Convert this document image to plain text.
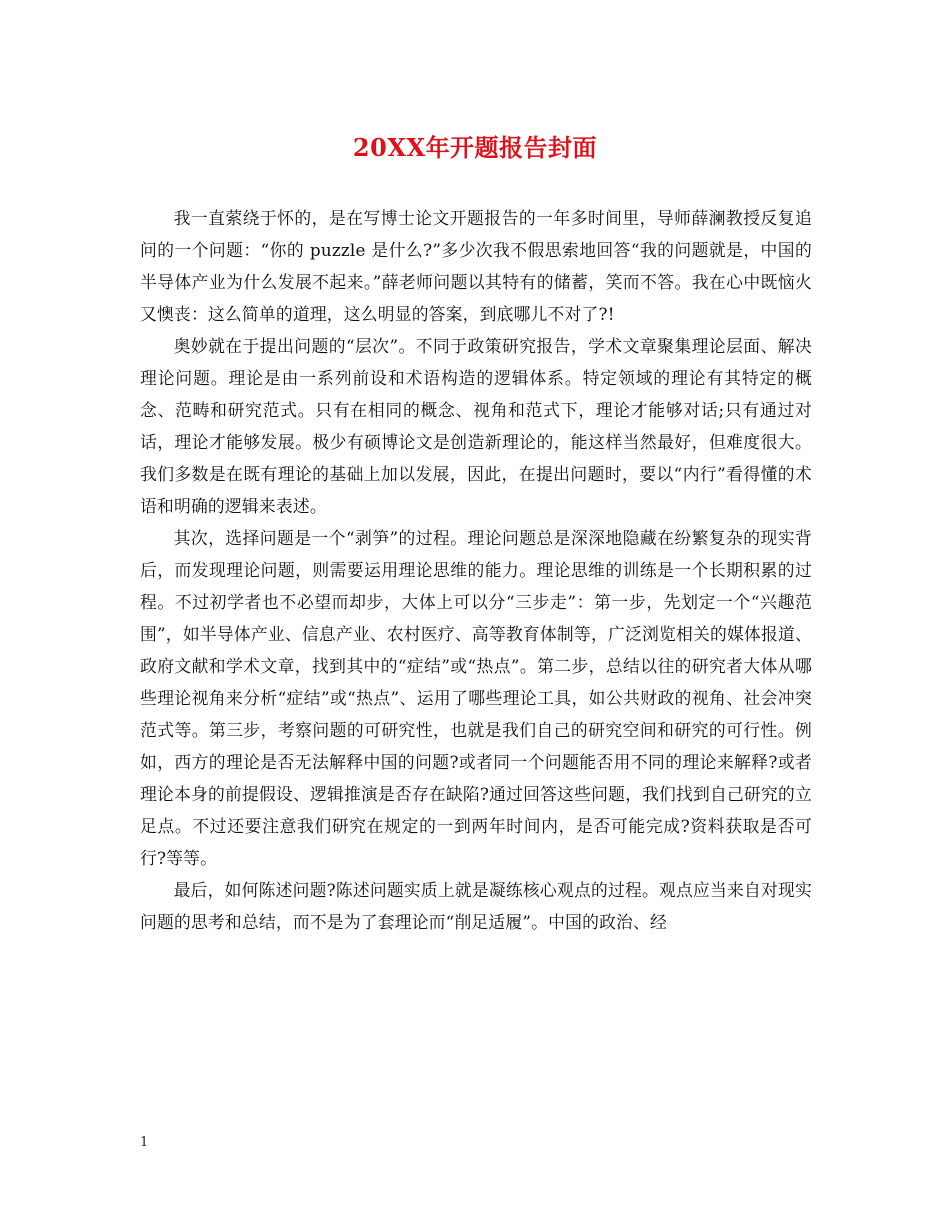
20XX年开题报告封面

我一直萦绕于怀的，是在写博士论文开题报告的一年多时间里，导师薛澜教授反复追问的一个问题：“你的 puzzle 是什么?”多少次我不假思索地回答“我的问题就是，中国的半导体产业为什么发展不起来。”薛老师问题以其特有的储蓄，笑而不答。我在心中既恼火又懊丧：这么简单的道理，这么明显的答案，到底哪儿不对了?!

奥妙就在于提出问题的“层次”。不同于政策研究报告，学术文章聚集理论层面、解决理论问题。理论是由一系列前设和术语构造的逻辑体系。特定领域的理论有其特定的概念、范畴和研究范式。只有在相同的概念、视角和范式下，理论才能够对话;只有通过对话，理论才能够发展。极少有硕博论文是创造新理论的，能这样当然最好，但难度很大。我们多数是在既有理论的基础上加以发展，因此，在提出问题时，要以“内行”看得懂的术语和明确的逻辑来表述。

其次，选择问题是一个“剥笋”的过程。理论问题总是深深地隐藏在纷繁复杂的现实背后，而发现理论问题，则需要运用理论思维的能力。理论思维的训练是一个长期积累的过程。不过初学者也不必望而却步，大体上可以分“三步走”：第一步，先划定一个“兴趣范围”，如半导体产业、信息产业、农村医疗、高等教育体制等，广泛浏览相关的媒体报道、政府文献和学术文章，找到其中的“症结”或“热点”。第二步，总结以往的研究者大体从哪些理论视角来分析“症结”或“热点”、运用了哪些理论工具，如公共财政的视角、社会冲突范式等。第三步，考察问题的可研究性，也就是我们自己的研究空间和研究的可行性。例如，西方的理论是否无法解释中国的问题?或者同一个问题能否用不同的理论来解释?或者理论本身的前提假设、逻辑推演是否存在缺陷?通过回答这些问题，我们找到自己研究的立足点。不过还要注意我们研究在规定的一到两年时间内，是否可能完成?资料获取是否可行?等等。

最后，如何陈述问题?陈述问题实质上就是凝练核心观点的过程。观点应当来自对现实问题的思考和总结，而不是为了套理论而“削足适履”。中国的政治、经

1
